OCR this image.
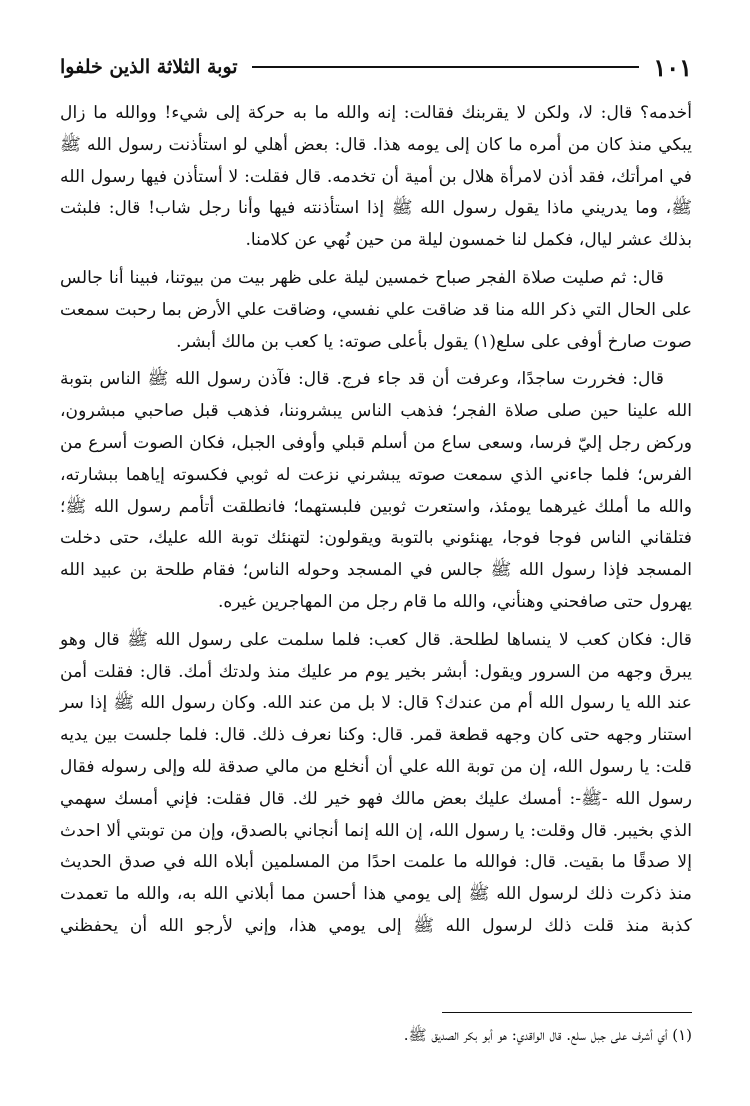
١٠١
توبة الثلاثة الذين خلفوا

أخدمه؟ قال: لا، ولكن لا يقربنك فقالت: إنه والله ما به حركة إلى شيء! ووالله ما زال يبكي منذ كان من أمره ما كان إلى يومه هذا. قال: بعض أهلي لو استأذنت رسول الله ﷺ في امرأتك، فقد أذن لامرأة هلال بن أمية أن تخدمه. قال فقلت: لا أستأذن فيها رسول الله ﷺ، وما يدريني ماذا يقول رسول الله ﷺ إذا استأذنته فيها وأنا رجل شاب! قال: فلبثت بذلك عشر ليال، فكمل لنا خمسون ليلة من حين نُهي عن كلامنا.

قال: ثم صليت صلاة الفجر صباح خمسين ليلة على ظهر بيت من بيوتنا، فبينا أنا جالس على الحال التي ذكر الله منا قد ضاقت علي نفسي، وضاقت علي الأرض بما رحبت سمعت صوت صارخ أوفى على سلع(١) يقول بأعلى صوته: يا كعب بن مالك أبشر.

قال: فخررت ساجدًا، وعرفت أن قد جاء فرج. قال: فآذن رسول الله ﷺ الناس بتوبة الله علينا حين صلى صلاة الفجر؛ فذهب الناس يبشروننا، فذهب قبل صاحبي مبشرون، وركض رجل إليّ فرسا، وسعى ساع من أسلم قبلي وأوفى الجبل، فكان الصوت أسرع من الفرس؛ فلما جاءني الذي سمعت صوته يبشرني نزعت له ثوبي فكسوته إياهما ببشارته، والله ما أملك غيرهما يومئذ، واستعرت ثوبين فلبستهما؛ فانطلقت أتأمم رسول الله ﷺ؛ فتلقاني الناس فوجا فوجا، يهنئوني بالتوبة ويقولون: لتهنئك توبة الله عليك، حتى دخلت المسجد فإذا رسول الله ﷺ جالس في المسجد وحوله الناس؛ فقام طلحة بن عبيد الله يهرول حتى صافحني وهنأني، والله ما قام رجل من المهاجرين غيره.

قال: فكان كعب لا ينساها لطلحة. قال كعب: فلما سلمت على رسول الله ﷺ قال وهو يبرق وجهه من السرور ويقول: أبشر بخير يوم مر عليك منذ ولدتك أمك. قال: فقلت أمن عند الله يا رسول الله أم من عندك؟ قال: لا بل من عند الله. وكان رسول الله ﷺ إذا سر استنار وجهه حتى كان وجهه قطعة قمر. قال: وكنا نعرف ذلك. قال: فلما جلست بين يديه قلت: يا رسول الله، إن من توبة الله علي أن أنخلع من مالي صدقة لله وإلى رسوله فقال رسول الله -ﷺ-: أمسك عليك بعض مالك فهو خير لك. قال فقلت: فإني أمسك سهمي الذي بخيبر. قال وقلت: يا رسول الله، إن الله إنما أنجاني بالصدق، وإن من توبتي ألا احدث إلا صدقًا ما بقيت. قال: فوالله ما علمت احدًا من المسلمين أبلاه الله في صدق الحديث منذ ذكرت ذلك لرسول الله ﷺ إلى يومي هذا أحسن مما أبلاني الله به، والله ما تعمدت كذبة منذ قلت ذلك لرسول الله ﷺ إلى يومي هذا، وإني لأرجو الله أن يحفظني

(١) أي أشرف على جبل سلع. قال الواقدي: هو أبو بكر الصديق ﷺ.
